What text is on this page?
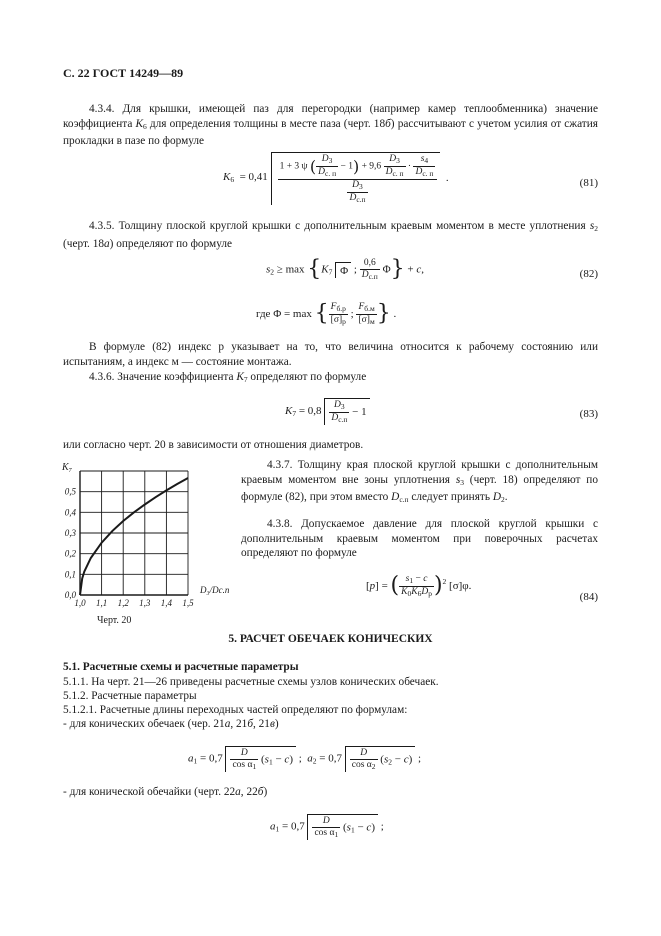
С. 22 ГОСТ 14249—89
4.3.4. Для крышки, имеющей паз для перегородки (например камер теплообменника) значение коэффициента $K_6$ для определения толщины в месте паза (черт. 18б) рассчитывают с учетом усилия от сжатия прокладки в пазе по формуле
$K_6 = 0,41 \frac{1 + 3 \psi ( \frac{D_3}{D_{с. п}} - 1) + 9,6 \frac{D_3}{D_{с. п}} \cdot \frac{s_4}{D_{с. п}}}{\frac{D_3}{D_{с.п}}}$ .	(81)
4.3.5. Толщину плоской круглой крышки с дополнительным краевым моментом в месте уплотнения $s_2$ (черт. 18а) определяют по формуле
$s_2 \ge \max \{K_7$ Φ ; $\frac{0,6}{D_{с.п}} \Phi\} + c$,	(82)
где Φ = max { $\frac{F_{б.р}}{[\sigma]_р}$ ; $\frac{F_{б.м}}{[\sigma]_м}$ } .
В формуле (82) индекс р указывает на то, что величина относится к рабочему состоянию или испытаниям, а индекс м — состояние монтажа.
4.3.6. Значение коэффициента $K_7$ определяют по формуле
$K_7 = 0,8 \frac{D_3}{D_{с.п}} - 1$	(83)
или согласно черт. 20 в зависимости от отношения диаметров.
1,0 1,1 1,2 1,3 1,4 1,5
0,0
0,1
0,2
0,3
0,4
0,5
K₇
D₃/Dс.п
Черт. 20
4.3.7. Толщину края плоской круглой крышки с дополнительным краевым моментом вне зоны уплотнения $s_3$ (черт. 18) определяют по формуле (82), при этом вместо $D_{с.п}$ следует принять $D_2$.
4.3.8. Допускаемое давление для плоской круглой крышки с дополнительным краевым моментом при поверочных расчетах определяют по формуле
[p] = ( $\frac{s_1 - c}{K_0K_6D_р} )^2$ [σ]φ.
(84)
5. РАСЧЕТ ОБЕЧАЕК КОНИЧЕСКИХ
5.1. Расчетные схемы и расчетные параметры
5.1.1. На черт. 21—26 приведены расчетные схемы узлов конических обечаек.
5.1.2. Расчетные параметры
5.1.2.1. Расчетные длины переходных частей определяют по формулам:
- для конических обечаек (чер. 21а, 21б, 21в)
$a_1 = 0,7 \frac{D}{\cos \alpha_1} (s_1 - c)$ ;  $a_2 = 0,7 \frac{D}{\cos \alpha_2} (s_2 - c)$ ;
- для конической обечайки (черт. 22а, 22б)
$a_1 = 0,7 \frac{D}{\cos \alpha_1} (s_1 - c)$ ;
